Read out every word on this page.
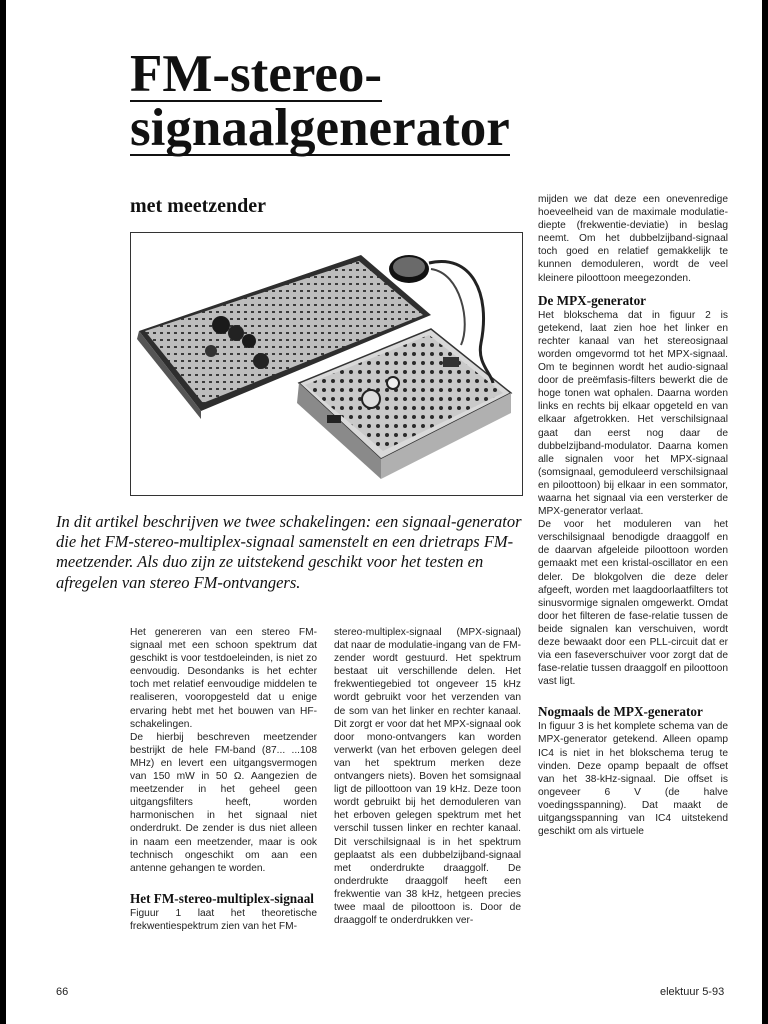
FM-stereo-
signaalgenerator
met meetzender
In dit artikel beschrijven we twee schakelingen: een signaal-generator die het FM-stereo-multiplex-signaal samenstelt en een drietraps FM-meetzender. Als duo zijn ze uitstekend geschikt voor het testen en afregelen van stereo FM-ontvangers.

Het genereren van een stereo FM-signaal met een schoon spektrum dat geschikt is voor testdoeleinden, is niet zo eenvoudig. Desondanks is het echter toch met relatief eenvoudige middelen te realiseren, vooropgesteld dat u enige ervaring hebt met het bouwen van HF-schakelingen.

De hierbij beschreven meetzender bestrijkt de hele FM-band (87... ...108 MHz) en levert een uitgangsvermogen van 150 mW in 50 Ω. Aangezien de meetzender in het geheel geen uitgangsfilters heeft, worden harmonischen in het signaal niet onderdrukt. De zender is dus niet alleen in naam een meetzender, maar is ook technisch ongeschikt om aan een antenne gehangen te worden.

Het FM-stereo-multiplex-signaal

Figuur 1 laat het theoretische frekwentiespektrum zien van het FM-

stereo-multiplex-signaal (MPX-signaal) dat naar de modulatie-ingang van de FM-zender wordt gestuurd. Het spektrum bestaat uit verschillende delen. Het frekwentiegebied tot ongeveer 15 kHz wordt gebruikt voor het verzenden van de som van het linker en rechter kanaal. Dit zorgt er voor dat het MPX-signaal ook door mono-ontvangers kan worden verwerkt (van het erboven gelegen deel van het spektrum merken deze ontvangers niets). Boven het somsignaal ligt de pilloottoon van 19 kHz. Deze toon wordt gebruikt bij het demoduleren van het erboven gelegen spektrum met het verschil tussen linker en rechter kanaal. Dit verschilsignaal is in het spektrum geplaatst als een dubbelzijband-signaal met onderdrukte draaggolf. De onderdrukte draaggolf heeft een frekwentie van 38 kHz, hetgeen precies twee maal de piloottoon is. Door de draaggolf te onderdrukken ver-

mijden we dat deze een onevenredige hoeveelheid van de maximale modulatie-diepte (frekwentie-deviatie) in beslag neemt. Om het dubbelzijband-signaal toch goed en relatief gemakkelijk te kunnen demoduleren, wordt de veel kleinere piloottoon meegezonden.

De MPX-generator

Het blokschema dat in figuur 2 is getekend, laat zien hoe het linker en rechter kanaal van het stereosignaal worden omgevormd tot het MPX-signaal. Om te beginnen wordt het audio-signaal door de preëmfasis-filters bewerkt die de hoge tonen wat ophalen. Daarna worden links en rechts bij elkaar opgeteld en van elkaar afgetrokken. Het verschilsignaal gaat dan eerst nog daar de dubbelzijband-modulator. Daarna komen alle signalen voor het MPX-signaal (somsignaal, gemoduleerd verschilsignaal en piloottoon) bij elkaar in een sommator, waarna het signaal via een versterker de MPX-generator verlaat.

De voor het moduleren van het verschilsignaal benodigde draaggolf en de daarvan afgeleide piloottoon worden gemaakt met een kristal-oscillator en een deler. De blokgolven die deze deler afgeeft, worden met laagdoorlaatfilters tot sinusvormige signalen omgewerkt. Omdat door het filteren de fase-relatie tussen de beide signalen kan verschuiven, wordt deze bewaakt door een PLL-circuit dat er via een faseverschuiver voor zorgt dat de fase-relatie tussen draaggolf en piloottoon vast ligt.

Nogmaals de MPX-generator

In figuur 3 is het komplete schema van de MPX-generator getekend. Alleen opamp IC4 is niet in het blokschema terug te vinden. Deze opamp bepaalt de offset van het 38-kHz-signaal. Die offset is ongeveer 6 V (de halve voedingsspanning). Dat maakt de uitgangsspanning van IC4 uitstekend geschikt om als virtuele

66	elektuur 5-93
